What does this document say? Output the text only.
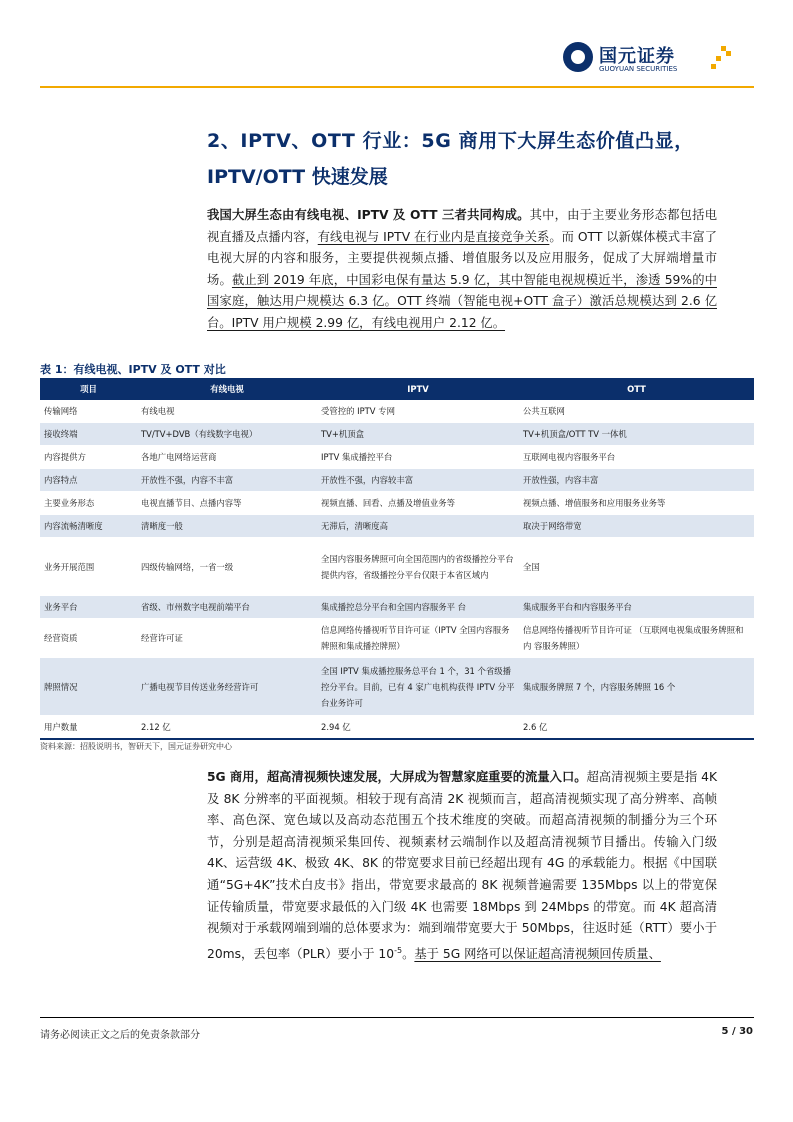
国元证券
GUOYUAN SECURITIES
2、IPTV、OTT 行业：5G 商用下大屏生态价值凸显，
IPTV/OTT 快速发展
我国大屏生态由有线电视、IPTV 及 OTT 三者共同构成。其中，由于主要业务形态都包括电视直播及点播内容，有线电视与 IPTV 在行业内是直接竞争关系。而 OTT 以新媒体模式丰富了电视大屏的内容和服务，主要提供视频点播、增值服务以及应用服务，促成了大屏端增量市场。截止到 2019 年底，中国彩电保有量达 5.9 亿，其中智能电视规模近半，渗透 59%的中国家庭，触达用户规模达 6.3 亿。OTT 终端（智能电视+OTT 盒子）激活总规模达到 2.6 亿台。IPTV 用户规模 2.99 亿，有线电视用户 2.12 亿。
表 1：有线电视、IPTV 及 OTT 对比
项目	有线电视	IPTV	OTT
传输网络	有线电视	受管控的 IPTV 专网	公共互联网
接收终端	TV/TV+DVB（有线数字电视）	TV+机顶盒	TV+机顶盒/OTT TV 一体机
内容提供方	各地广电网络运营商	IPTV 集成播控平台	互联网电视内容服务平台
内容特点	开放性不强，内容不丰富	开放性不强，内容较丰富	开放性强，内容丰富
主要业务形态	电视直播节目、点播内容等	视频直播、回看、点播及增值业务等	视频点播、增值服务和应用服务业务等
内容流畅清晰度	清晰度一般	无滞后，清晰度高	取决于网络带宽
业务开展范围	四级传输网络，一省一级	全国内容服务牌照可向全国范围内的省级播控分平台提供内容，省级播控分平台仅限于本省区域内	全国
业务平台	省级、市州数字电视前端平台	集成播控总分平台和全国内容服务平 台	集成服务平台和内容服务平台
经营资质	经营许可证	信息网络传播视听节目许可证（IPTV 全国内容服务牌照和集成播控牌照）	信息网络传播视听节目许可证 （互联网电视集成服务牌照和内 容服务牌照）
牌照情况	广播电视节目传送业务经营许可	全国 IPTV 集成播控服务总平台 1 个，31 个省级播控分平台。目前，已有 4 家广电机构获得 IPTV 分平台业务许可	集成服务牌照 7 个，内容服务牌照 16 个
用户数量	2.12 亿	2.94 亿	2.6 亿
资料来源：招股说明书，智研天下，国元证券研究中心
5G 商用，超高清视频快速发展，大屏成为智慧家庭重要的流量入口。超高清视频主要是指 4K 及 8K 分辨率的平面视频。相较于现有高清 2K 视频而言，超高清视频实现了高分辨率、高帧率、高色深、宽色域以及高动态范围五个技术维度的突破。而超高清视频的制播分为三个环节，分别是超高清视频采集回传、视频素材云端制作以及超高清视频节目播出。传输入门级 4K、运营级 4K、极致 4K、8K 的带宽要求目前已经超出现有 4G 的承载能力。根据《中国联通“5G+4K”技术白皮书》指出，带宽要求最高的 8K 视频普遍需要 135Mbps 以上的带宽保证传输质量，带宽要求最低的入门级 4K 也需要 18Mbps 到 24Mbps 的带宽。而 4K 超高清视频对于承载网端到端的总体要求为：端到端带宽要大于 50Mbps，往返时延（RTT）要小于 20ms，丢包率（PLR）要小于 $10^{-5}$。基于 5G 网络可以保证超高清视频回传质量、
请务必阅读正文之后的免责条款部分	5 / 30
